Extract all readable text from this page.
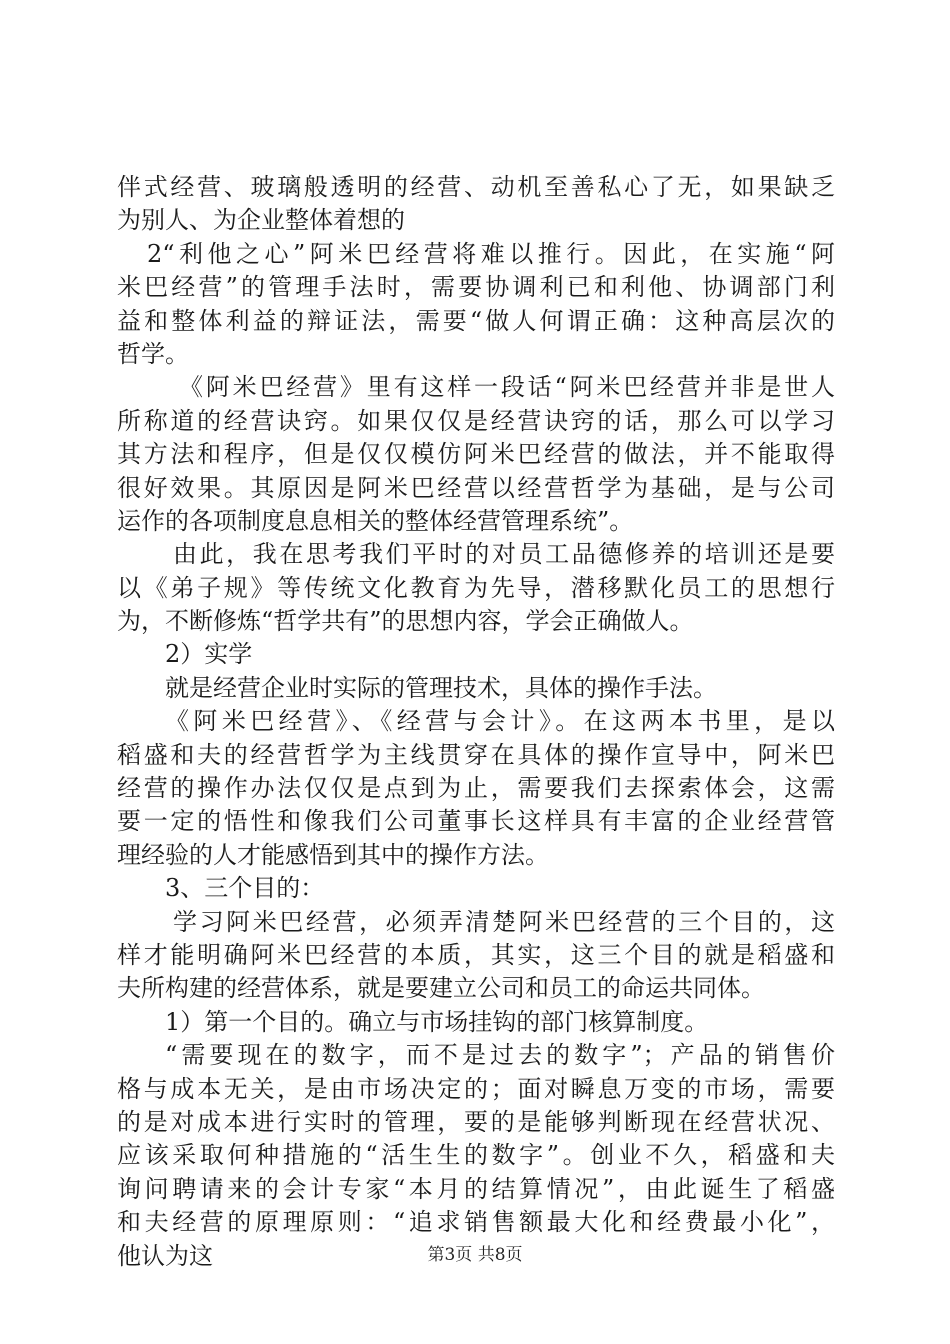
伴式经营、玻璃般透明的经营、动机至善私心了无，如果缺乏
为别人、为企业整体着想的
2“利他之心”阿米巴经营将难以推行。因此，在实施“阿
米巴经营”的管理手法时，需要协调利已和利他、协调部门利
益和整体利益的辩证法，需要“做人何谓正确：这种高层次的
哲学。
《阿米巴经营》里有这样一段话“阿米巴经营并非是世人
所称道的经营诀窍。如果仅仅是经营诀窍的话，那么可以学习
其方法和程序，但是仅仅模仿阿米巴经营的做法，并不能取得
很好效果。其原因是阿米巴经营以经营哲学为基础，是与公司
运作的各项制度息息相关的整体经营管理系统”。
由此，我在思考我们平时的对员工品德修养的培训还是要
以《弟子规》等传统文化教育为先导，潜移默化员工的思想行
为，不断修炼“哲学共有”的思想内容，学会正确做人。
2）实学
就是经营企业时实际的管理技术，具体的操作手法。
《阿米巴经营》、《经营与会计》。在这两本书里，是以
稻盛和夫的经营哲学为主线贯穿在具体的操作宣导中，阿米巴
经营的操作办法仅仅是点到为止，需要我们去探索体会，这需
要一定的悟性和像我们公司董事长这样具有丰富的企业经营管
理经验的人才能感悟到其中的操作方法。
3、三个目的：
学习阿米巴经营，必须弄清楚阿米巴经营的三个目的，这
样才能明确阿米巴经营的本质，其实，这三个目的就是稻盛和
夫所构建的经营体系，就是要建立公司和员工的命运共同体。
1）第一个目的。确立与市场挂钩的部门核算制度。
“需要现在的数字，而不是过去的数字”；产品的销售价
格与成本无关，是由市场决定的；面对瞬息万变的市场，需要
的是对成本进行实时的管理，要的是能够判断现在经营状况、
应该采取何种措施的“活生生的数字”。创业不久，稻盛和夫
询问聘请来的会计专家“本月的结算情况”，由此诞生了稻盛
和夫经营的原理原则：“追求销售额最大化和经费最小化”，
他认为这	第3页 共8页
